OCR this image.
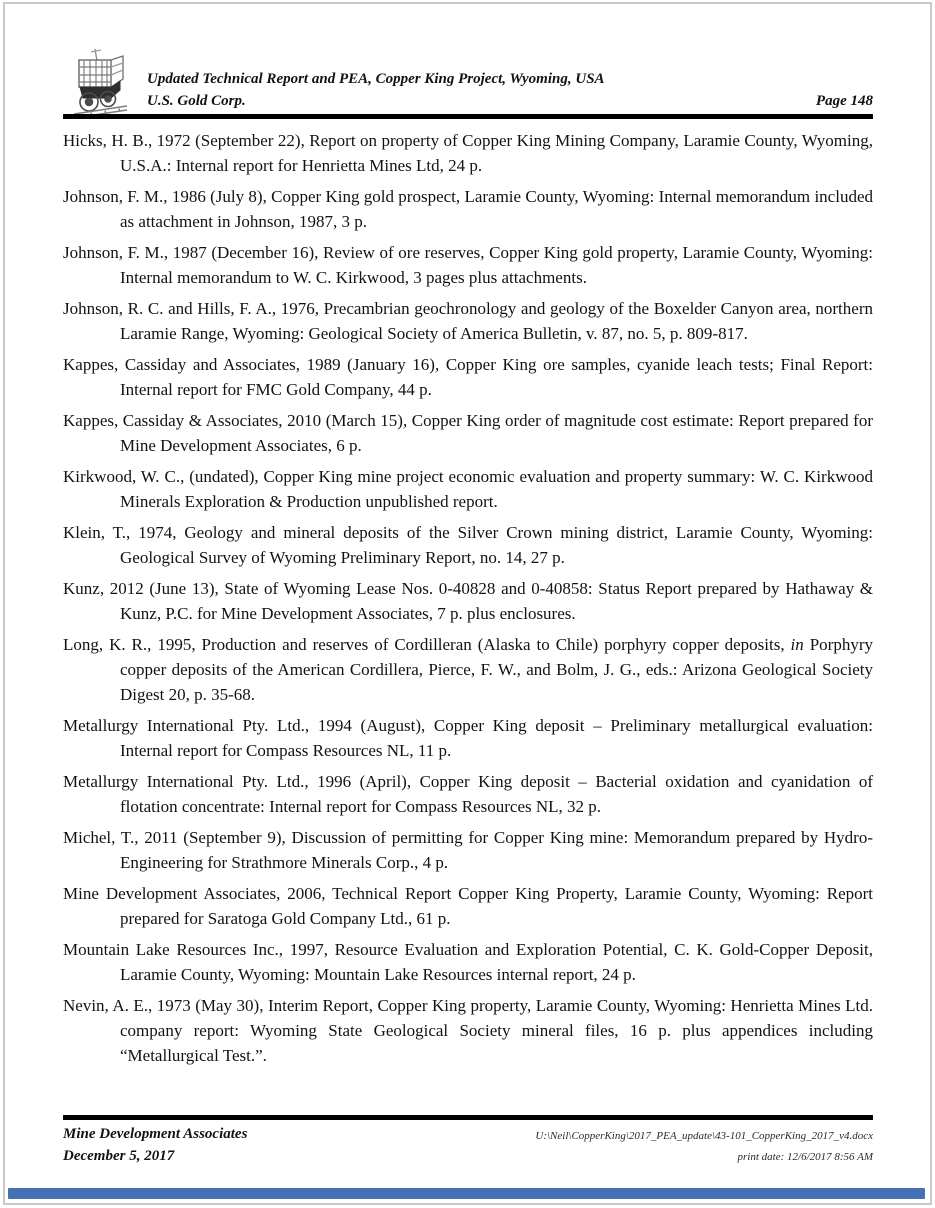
Updated Technical Report and PEA, Copper King Project, Wyoming, USA
U.S. Gold Corp.	Page 148

Hicks, H. B., 1972 (September 22), Report on property of Copper King Mining Company, Laramie County, Wyoming, U.S.A.: Internal report for Henrietta Mines Ltd, 24 p.

Johnson, F. M., 1986 (July 8), Copper King gold prospect, Laramie County, Wyoming: Internal memorandum included as attachment in Johnson, 1987, 3 p.

Johnson, F. M., 1987 (December 16), Review of ore reserves, Copper King gold property, Laramie County, Wyoming: Internal memorandum to W. C. Kirkwood, 3 pages plus attachments.

Johnson, R. C. and Hills, F. A., 1976, Precambrian geochronology and geology of the Boxelder Canyon area, northern Laramie Range, Wyoming: Geological Society of America Bulletin, v. 87, no. 5, p. 809-817.

Kappes, Cassiday and Associates, 1989 (January 16), Copper King ore samples, cyanide leach tests; Final Report: Internal report for FMC Gold Company, 44 p.

Kappes, Cassiday & Associates, 2010 (March 15), Copper King order of magnitude cost estimate: Report prepared for Mine Development Associates, 6 p.

Kirkwood, W. C., (undated), Copper King mine project economic evaluation and property summary: W. C. Kirkwood Minerals Exploration & Production unpublished report.

Klein, T., 1974, Geology and mineral deposits of the Silver Crown mining district, Laramie County, Wyoming: Geological Survey of Wyoming Preliminary Report, no. 14, 27 p.

Kunz, 2012 (June 13), State of Wyoming Lease Nos. 0-40828 and 0-40858: Status Report prepared by Hathaway & Kunz, P.C. for Mine Development Associates, 7 p. plus enclosures.

Long, K. R., 1995, Production and reserves of Cordilleran (Alaska to Chile) porphyry copper deposits, in Porphyry copper deposits of the American Cordillera, Pierce, F. W., and Bolm, J. G., eds.: Arizona Geological Society Digest 20, p. 35-68.

Metallurgy International Pty. Ltd., 1994 (August), Copper King deposit – Preliminary metallurgical evaluation: Internal report for Compass Resources NL, 11 p.

Metallurgy International Pty. Ltd., 1996 (April), Copper King deposit – Bacterial oxidation and cyanidation of flotation concentrate: Internal report for Compass Resources NL, 32 p.

Michel, T., 2011 (September 9), Discussion of permitting for Copper King mine: Memorandum prepared by Hydro-Engineering for Strathmore Minerals Corp., 4 p.

Mine Development Associates, 2006, Technical Report Copper King Property, Laramie County, Wyoming: Report prepared for Saratoga Gold Company Ltd., 61 p.

Mountain Lake Resources Inc., 1997, Resource Evaluation and Exploration Potential, C. K. Gold-Copper Deposit, Laramie County, Wyoming: Mountain Lake Resources internal report, 24 p.

Nevin, A. E., 1973 (May 30), Interim Report, Copper King property, Laramie County, Wyoming: Henrietta Mines Ltd. company report: Wyoming State Geological Society mineral files, 16 p. plus appendices including “Metallurgical Test.”.

Mine Development Associates
December 5, 2017
U:\Neil\CopperKing\2017_PEA_update\43-101_CopperKing_2017_v4.docx
print date: 12/6/2017 8:56 AM
